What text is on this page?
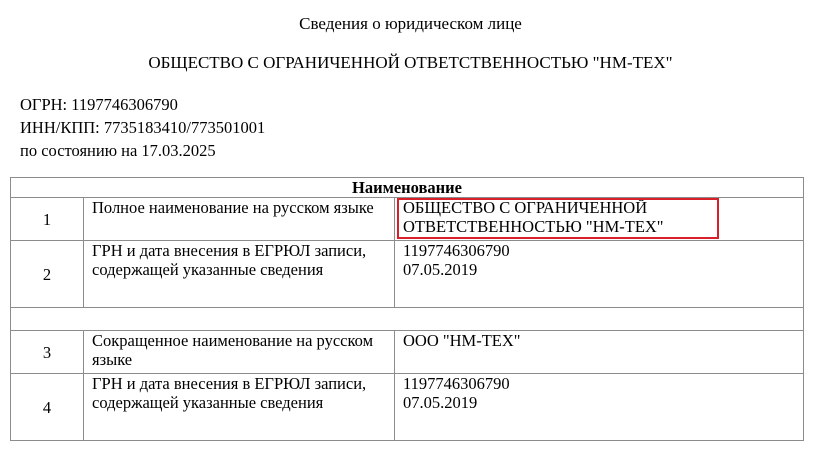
Сведения о юридическом лице
ОБЩЕСТВО С ОГРАНИЧЕННОЙ ОТВЕТСТВЕННОСТЬЮ "НМ-ТЕХ"
ОГРН: 1197746306790
ИНН/КПП: 7735183410/773501001
по состоянию на 17.03.2025
Наименование		
1	Полное наименование на русском языке	ОБЩЕСТВО С ОГРАНИЧЕННОЙ
ОТВЕТСТВЕННОСТЬЮ "НМ-ТЕХ"

2	ГРН и дата внесения в ЕГРЮЛ записи, содержащей указанные сведения	1197746306790
07.05.2019

3	Сокращенное наименование на русском языке	ООО "НМ-ТЕХ"

4	ГРН и дата внесения в ЕГРЮЛ записи, содержащей указанные сведения	1197746306790
07.05.2019
